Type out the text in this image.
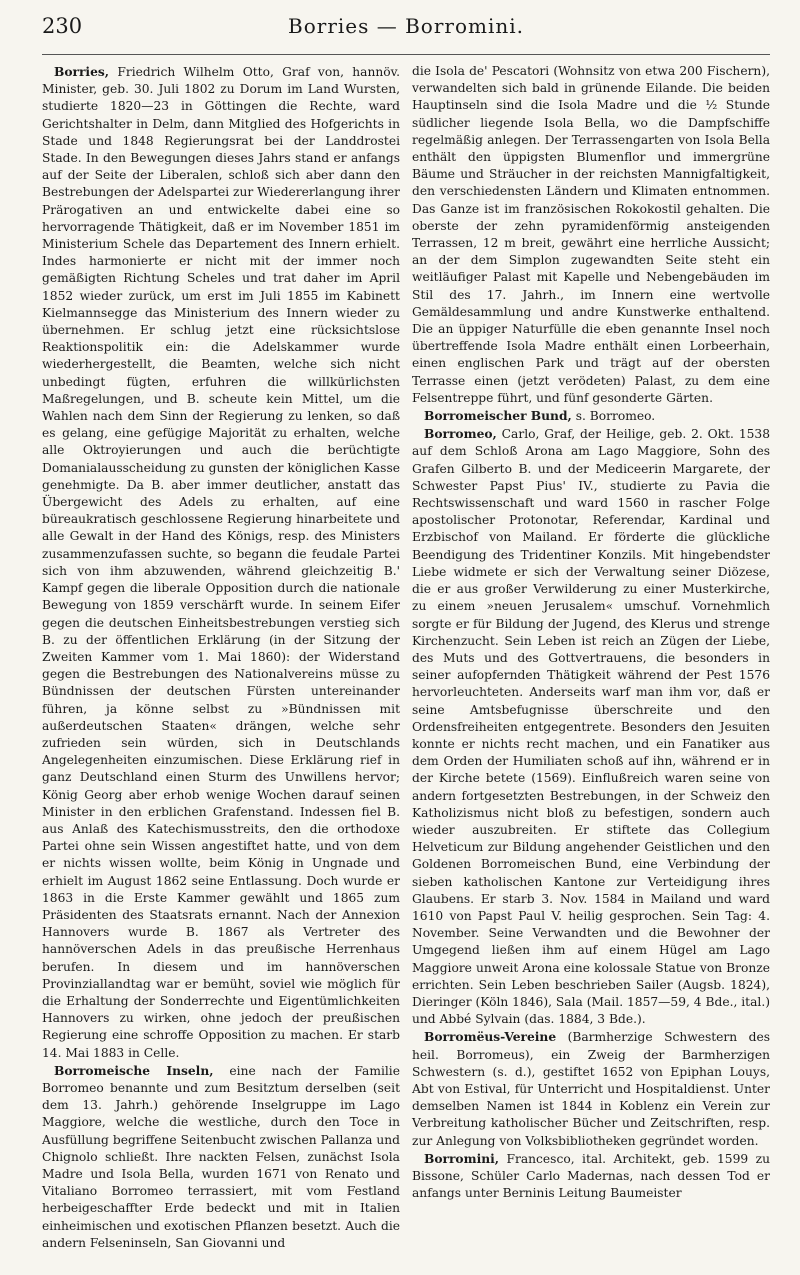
230	Borries — Borromini.

Borries, Friedrich Wilhelm Otto, Graf von, hannöv. Minister, geb. 30. Juli 1802 zu Dorum im Land Wursten, studierte 1820—23 in Göttingen die Rechte, ward Gerichtshalter in Delm, dann Mitglied des Hofgerichts in Stade und 1848 Regierungsrat bei der Landdrostei Stade. In den Bewegungen dieses Jahrs stand er anfangs auf der Seite der Liberalen, schloß sich aber dann den Bestrebungen der Adelspartei zur Wiedererlangung ihrer Prärogativen an und entwickelte dabei eine so hervorragende Thätigkeit, daß er im November 1851 im Ministerium Schele das Departement des Innern erhielt. Indes harmonierte er nicht mit der immer noch gemäßigten Richtung Scheles und trat daher im April 1852 wieder zurück, um erst im Juli 1855 im Kabinett Kielmannsegge das Ministerium des Innern wieder zu übernehmen. Er schlug jetzt eine rücksichtslose Reaktionspolitik ein: die Adelskammer wurde wiederhergestellt, die Beamten, welche sich nicht unbedingt fügten, erfuhren die willkürlichsten Maßregelungen, und B. scheute kein Mittel, um die Wahlen nach dem Sinn der Regierung zu lenken, so daß es gelang, eine gefügige Majorität zu erhalten, welche alle Oktroyierungen und auch die berüchtigte Domanialausscheidung zu gunsten der königlichen Kasse genehmigte. Da B. aber immer deutlicher, anstatt das Übergewicht des Adels zu erhalten, auf eine büreaukratisch geschlossene Regierung hinarbeitete und alle Gewalt in der Hand des Königs, resp. des Ministers zusammenzufassen suchte, so begann die feudale Partei sich von ihm abzuwenden, während gleichzeitig B.' Kampf gegen die liberale Opposition durch die nationale Bewegung von 1859 verschärft wurde. In seinem Eifer gegen die deutschen Einheitsbestrebungen verstieg sich B. zu der öffentlichen Erklärung (in der Sitzung der Zweiten Kammer vom 1. Mai 1860): der Widerstand gegen die Bestrebungen des Nationalvereins müsse zu Bündnissen der deutschen Fürsten untereinander führen, ja könne selbst zu »Bündnissen mit außerdeutschen Staaten« drängen, welche sehr zufrieden sein würden, sich in Deutschlands Angelegenheiten einzumischen. Diese Erklärung rief in ganz Deutschland einen Sturm des Unwillens hervor; König Georg aber erhob wenige Wochen darauf seinen Minister in den erblichen Grafenstand. Indessen fiel B. aus Anlaß des Katechismusstreits, den die orthodoxe Partei ohne sein Wissen angestiftet hatte, und von dem er nichts wissen wollte, beim König in Ungnade und erhielt im August 1862 seine Entlassung. Doch wurde er 1863 in die Erste Kammer gewählt und 1865 zum Präsidenten des Staatsrats ernannt. Nach der Annexion Hannovers wurde B. 1867 als Vertreter des hannöverschen Adels in das preußische Herrenhaus berufen. In diesem und im hannöverschen Provinziallandtag war er bemüht, soviel wie möglich für die Erhaltung der Sonderrechte und Eigentümlichkeiten Hannovers zu wirken, ohne jedoch der preußischen Regierung eine schroffe Opposition zu machen. Er starb 14. Mai 1883 in Celle.

Borromeische Inseln, eine nach der Familie Borromeo benannte und zum Besitztum derselben (seit dem 13. Jahrh.) gehörende Inselgruppe im Lago Maggiore, welche die westliche, durch den Toce in Ausfüllung begriffene Seitenbucht zwischen Pallanza und Chignolo schließt. Ihre nackten Felsen, zunächst Isola Madre und Isola Bella, wurden 1671 von Renato und Vitaliano Borromeo terrassiert, mit vom Festland herbeigeschaffter Erde bedeckt und mit in Italien einheimischen und exotischen Pflanzen besetzt. Auch die andern Felseninseln, San Giovanni und

die Isola de' Pescatori (Wohnsitz von etwa 200 Fischern), verwandelten sich bald in grünende Eilande. Die beiden Hauptinseln sind die Isola Madre und die ½ Stunde südlicher liegende Isola Bella, wo die Dampfschiffe regelmäßig anlegen. Der Terrassengarten von Isola Bella enthält den üppigsten Blumenflor und immergrüne Bäume und Sträucher in der reichsten Mannigfaltigkeit, den verschiedensten Ländern und Klimaten entnommen. Das Ganze ist im französischen Rokokostil gehalten. Die oberste der zehn pyramidenförmig ansteigenden Terrassen, 12 m breit, gewährt eine herrliche Aussicht; an der dem Simplon zugewandten Seite steht ein weitläufiger Palast mit Kapelle und Nebengebäuden im Stil des 17. Jahrh., im Innern eine wertvolle Gemäldesammlung und andre Kunstwerke enthaltend. Die an üppiger Naturfülle die eben genannte Insel noch übertreffende Isola Madre enthält einen Lorbeerhain, einen englischen Park und trägt auf der obersten Terrasse einen (jetzt verödeten) Palast, zu dem eine Felsentreppe führt, und fünf gesonderte Gärten.

Borromeischer Bund, s. Borromeo.

Borromeo, Carlo, Graf, der Heilige, geb. 2. Okt. 1538 auf dem Schloß Arona am Lago Maggiore, Sohn des Grafen Gilberto B. und der Mediceerin Margarete, der Schwester Papst Pius' IV., studierte zu Pavia die Rechtswissenschaft und ward 1560 in rascher Folge apostolischer Protonotar, Referendar, Kardinal und Erzbischof von Mailand. Er förderte die glückliche Beendigung des Tridentiner Konzils. Mit hingebendster Liebe widmete er sich der Verwaltung seiner Diözese, die er aus großer Verwilderung zu einer Musterkirche, zu einem »neuen Jerusalem« umschuf. Vornehmlich sorgte er für Bildung der Jugend, des Klerus und strenge Kirchenzucht. Sein Leben ist reich an Zügen der Liebe, des Muts und des Gottvertrauens, die besonders in seiner aufopfernden Thätigkeit während der Pest 1576 hervorleuchteten. Anderseits warf man ihm vor, daß er seine Amtsbefugnisse überschreite und den Ordensfreiheiten entgegentrete. Besonders den Jesuiten konnte er nichts recht machen, und ein Fanatiker aus dem Orden der Humiliaten schoß auf ihn, während er in der Kirche betete (1569). Einflußreich waren seine von andern fortgesetzten Bestrebungen, in der Schweiz den Katholizismus nicht bloß zu befestigen, sondern auch wieder auszubreiten. Er stiftete das Collegium Helveticum zur Bildung angehender Geistlichen und den Goldenen Borromeischen Bund, eine Verbindung der sieben katholischen Kantone zur Verteidigung ihres Glaubens. Er starb 3. Nov. 1584 in Mailand und ward 1610 von Papst Paul V. heilig gesprochen. Sein Tag: 4. November. Seine Verwandten und die Bewohner der Umgegend ließen ihm auf einem Hügel am Lago Maggiore unweit Arona eine kolossale Statue von Bronze errichten. Sein Leben beschrieben Sailer (Augsb. 1824), Dieringer (Köln 1846), Sala (Mail. 1857—59, 4 Bde., ital.) und Abbé Sylvain (das. 1884, 3 Bde.).

Borromëus-Vereine (Barmherzige Schwestern des heil. Borromeus), ein Zweig der Barmherzigen Schwestern (s. d.), gestiftet 1652 von Epiphan Louys, Abt von Estival, für Unterricht und Hospitaldienst. Unter demselben Namen ist 1844 in Koblenz ein Verein zur Verbreitung katholischer Bücher und Zeitschriften, resp. zur Anlegung von Volksbibliotheken gegründet worden.

Borromini, Francesco, ital. Architekt, geb. 1599 zu Bissone, Schüler Carlo Madernas, nach dessen Tod er anfangs unter Berninis Leitung Baumeister
